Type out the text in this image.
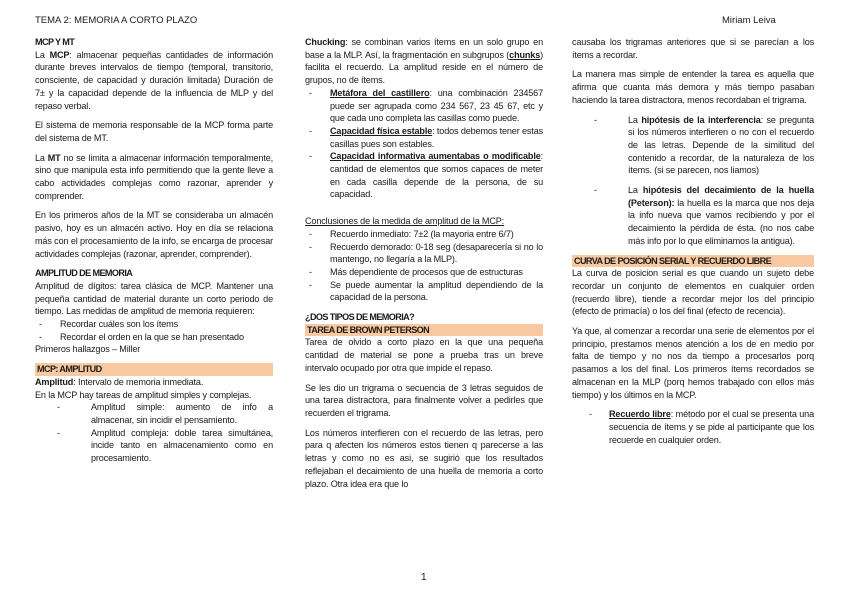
TEMA 2: MEMORIA A CORTO PLAZO	Miriam Leiva
MCP Y MT
La MCP: almacenar pequeñas cantidades de información durante breves intervalos de tiempo (temporal, transitorio, consciente, de capacidad y duración limitada) Duración de 7± y la capacidad depende de la influencia de MLP y del repaso verbal.
El sistema de memoria responsable de la MCP forma parte del sistema de MT.
La MT no se limita a almacenar información temporalmente, sino que manipula esta info permitiendo que la gente lleve a cabo actividades complejas como razonar, aprender y comprender.
En los primeros años de la MT se consideraba un almacén pasivo, hoy es un almacén activo. Hoy en día se relaciona más con el procesamiento de la info, se encarga de procesar actividades complejas (razonar, aprender, comprender).
AMPLITUD DE MEMORIA
Amplitud de dígitos: tarea clásica de MCP. Mantener una pequeña cantidad de material durante un corto periodo de tiempo. Las medidas de amplitud de memoria requieren:
- Recordar cuáles son los ítems
- Recordar el orden en la que se han presentado
Primeros hallazgos – Miller
MCP: AMPLITUD
Amplitud: Intervalo de memoria inmediata.
En la MCP hay tareas de amplitud simples y complejas.
- Amplitud simple: aumento de info a almacenar, sin incidir el pensamiento.
- Amplitud compleja: doble tarea simultánea, incide tanto en almacenamiento como en procesamiento.
Chucking: se combinan varios ítems en un solo grupo en base a la MLP. Así, la fragmentación en subgrupos (chunks) facilita el recuerdo. La amplitud reside en el número de grupos, no de ítems.
- Metáfora del castillero: una combinación 234567 puede ser agrupada como 234 567, 23 45 67, etc y que cada uno completa las casillas como puede.
- Capacidad física estable: todos debemos tener estas casillas pues son estables.
- Capacidad informativa aumentabas o modificable: cantidad de elementos que somos capaces de meter en cada casilla depende de la persona, de su capacidad.
Conclusiones de la medida de amplitud de la MCP:
- Recuerdo inmediato: 7±2 (la mayoria entre 6/7)
- Recuerdo demorado: 0-18 seg (desaparecería si no lo mantengo, no llegaría a la MLP).
- Más dependiente de procesos que de estructuras
- Se puede aumentar la amplitud dependiendo de la capacidad de la persona.
¿DOS TIPOS DE MEMORIA?
TAREA DE BROWN PETERSON
Tarea de olvido a corto plazo en la que una pequeña cantidad de material se pone a prueba tras un breve intervalo ocupado por otra que impide el repaso.
Se les dio un trigrama o secuencia de 3 letras seguidos de una tarea distractora, para finalmente volver a pedirles que recuerden el trigrama.
Los números interfieren con el recuerdo de las letras, pero para q afecten los números estos tienen q parecerse a las letras y como no es asi, se sugirió que los resultados reflejaban el decaimiento de una huella de memoria a corto plazo. Otra idea era que lo
causaba los trigramas anteriores que si se parecían a los ítems a recordar.
La manera mas simple de entender la tarea es aquella que afirma que cuanta más demora y más tiempo pasaban haciendo la tarea distractora, menos recordaban el trigrama.
- La hipótesis de la interferencia: se pregunta si los números interfieren o no con el recuerdo de las letras. Depende de la similitud del contenido a recordar, de la naturaleza de los ítems. (si se parecen, nos liamos)
- La hipótesis del decaimiento de la huella (Peterson): la huella es la marca que nos deja la info nueva que vamos recibiendo y por el decaimiento la pérdida de ésta. (no nos cabe más info por lo que eliminamos la antigua).
CURVA DE POSICIÓN SERIAL Y RECUERDO LIBRE
La curva de posicion serial es que cuando un sujeto debe recordar un conjunto de elementos en cualquier orden (recuerdo libre), tiende a recordar mejor los del principio (efecto de primacía) o los del final (efecto de recencia).
Ya que, al comenzar a recordar una serie de elementos por el principio, prestamos menos atención a los de en medio por falta de tiempo y no nos da tiempo a procesarlos porq pasamos a los del final. Los primeros ítems recordados se almacenan en la MLP (porq hemos trabajado con ellos más tiempo) y los últimos en la MCP.
- Recuerdo libre: método por el cual se presenta una secuencia de ítems y se pide al participante que los recuerde en cualquier orden.
1
